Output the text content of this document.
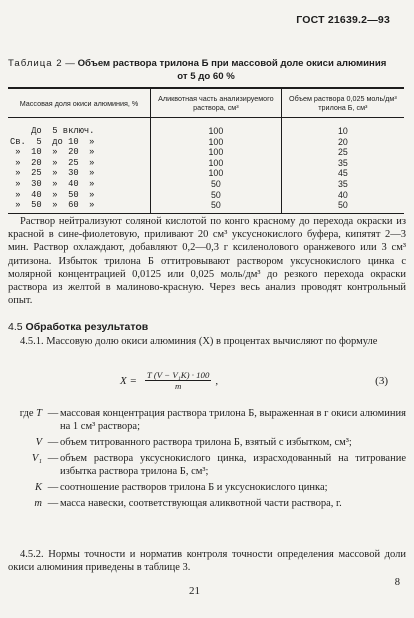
ГОСТ 21639.2—93
Таблица 2 — Объем раствора трилона Б при массовой доле окиси алюминия
от 5 до 60 %
Массовая доля окиси алюминия, %	Аликвотная часть анализируемого раствора, см³	Объем раствора 0,025 моль/дм³ трилона Б, см³
До  5 включ.	100	10
Св.  5  до 10  »	100	20
»  10  »  20  »	100	25
»  20  »  25  »	100	35
»  25  »  30  »	100	45
»  30  »  40  »	50	35
»  40  »  50  »	50	40
»  50  »  60  »	50	50

Раствор нейтрализуют соляной кислотой по конго красному до перехода окраски из красной в сине-фиолетовую, приливают 20 см³ уксуснокислого буфера, кипятят 2—3 мин. Раствор охлаждают, добавляют 0,2—0,3 г ксиленолового оранжевого или 3 см³ дитизона. Избыток трилона Б оттитровывают раствором уксуснокислого цинка с молярной концентрацией 0,0125 или 0,025 моль/дм³ до резкого перехода окраски раствора из желтой в малиново-красную. Через весь анализ проводят контрольный опыт.

4.5 Обработка результатов

4.5.1. Массовую долю окиси алюминия (X) в процентах вычисляют по формуле

$X = \frac{\text{T (V − V₁K) · 100}}{m}$ ,	(3)
где T — массовая концентрация раствора трилона Б, выраженная в г окиси алюминия на 1 см³ раствора;
V — объем титрованного раствора трилона Б, взятый с избытком, см³;
V₁ — объем раствора уксуснокислого цинка, израсходованный на титрование избытка раствора трилона Б, см³;
K — соотношение растворов трилона Б и уксуснокислого цинка;
m — масса навески, соответствующая аликвотной части раствора, г.

4.5.2. Нормы точности и норматив контроля точности определения массовой доли окиси алюминия приведены в таблице 3.

21
8
